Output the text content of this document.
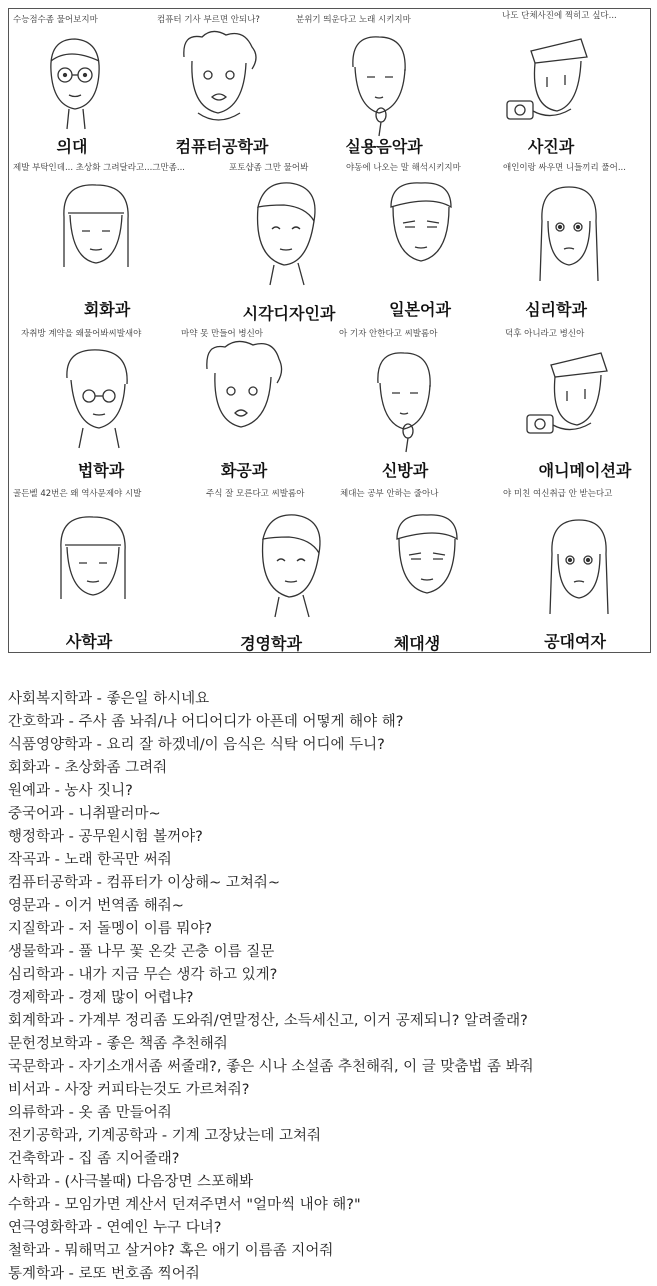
수능점수좀 물어보지마	컴퓨터 기사 부르면 안되나?	분위기 띄운다고 노래 시키지마	나도 단체사진에 찍히고 싶다...
의대	컴퓨터공학과	실용음악과	사진과
제발 부탁인데... 초상화 그려달라고...그만좀...	포토샵좀 그만 물어봐	야동에 나오는 말 해석시키지마	애인이랑 싸우면 니들끼리 풀어...
회화과	시각디자인과	일본어과	심리학과
자취방 계약을 왜물어봐씨발새야	마약 못 만들어 병신아	아 기자 안한다고 씨발롬아	덕후 아니라고 병신아
법학과	화공과	신방과	애니메이션과
골든벨 42번은 왜 역사문제야 시발	주식 잘 모른다고 씨발롬아	체대는 공부 안하는 줄아나	야 미친 여신취급 안 받는다고
사학과	경영학과	체대생	공대여자
사회복지학과 - 좋은일 하시네요
간호학과 - 주사 좀 놔줘/나 어디어디가 아픈데 어떻게 해야 해?
식품영양학과 - 요리 잘 하겠네/이 음식은 식탁 어디에 두니?
회화과 - 초상화좀 그려줘
원예과 - 농사 짓니?
중국어과 - 니취팔러마~
행정학과 - 공무원시험 볼꺼야?
작곡과 - 노래 한곡만 써줘
컴퓨터공학과 - 컴퓨터가 이상해~ 고쳐줘~
영문과 - 이거 번역좀 해줘~
지질학과 - 저 돌멩이 이름 뭐야?
생물학과 - 풀 나무 꽃 온갖 곤충 이름 질문
심리학과 - 내가 지금 무슨 생각 하고 있게?
경제학과 - 경제 많이 어렵냐?
회계학과 - 가계부 정리좀 도와줘/연말정산, 소득세신고, 이거 공제되니? 알려줄래?
문헌정보학과 - 좋은 책좀 추천해줘
국문학과 - 자기소개서좀 써줄래?, 좋은 시나 소설좀 추천해줘, 이 글 맞춤법 좀 봐줘
비서과 - 사장 커피타는것도 가르쳐줘?
의류학과 - 옷 좀 만들어줘
전기공학과, 기계공학과 - 기계 고장났는데 고쳐줘
건축학과 - 집 좀 지어줄래?
사학과 - (사극볼때) 다음장면 스포해봐
수학과 - 모임가면 계산서 던져주면서 "얼마씩 내야 해?"
연극영화학과 - 연예인 누구 다녀?
철학과 - 뭐해먹고 살거야? 혹은 애기 이름좀 지어줘
통계학과 - 로또 번호좀 찍어줘
